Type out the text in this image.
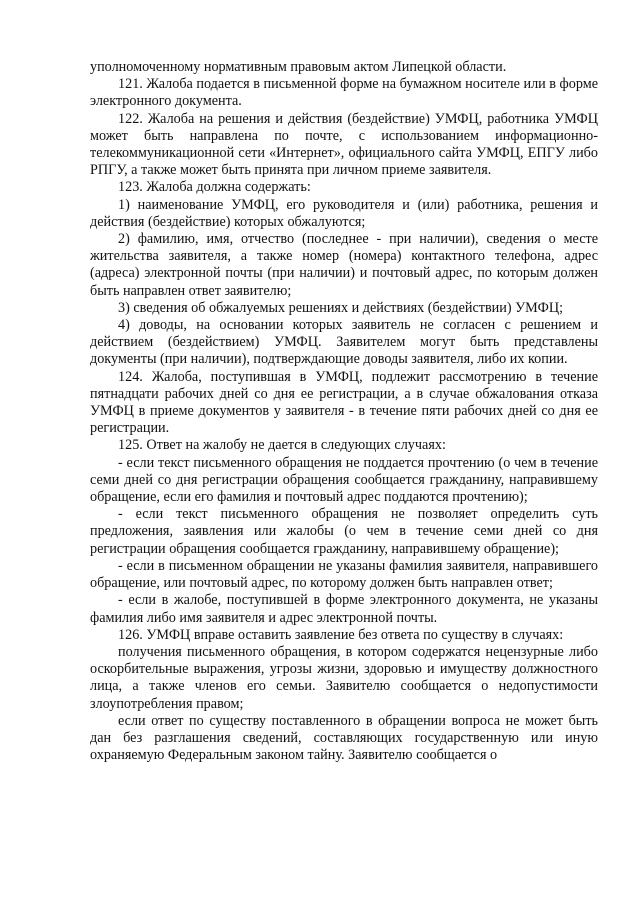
уполномоченному нормативным правовым актом Липецкой области.

121. Жалоба подается в письменной форме на бумажном носителе или в форме электронного документа.

122. Жалоба на решения и действия (бездействие) УМФЦ, работника УМФЦ может быть направлена по почте, с использованием информационно-телекоммуникационной сети «Интернет», официального сайта УМФЦ, ЕПГУ либо РПГУ, а также может быть принята при личном приеме заявителя.

123. Жалоба должна содержать:

1) наименование УМФЦ, его руководителя и (или) работника, решения и действия (бездействие) которых обжалуются;

2) фамилию, имя, отчество (последнее - при наличии), сведения о месте жительства заявителя, а также номер (номера) контактного телефона, адрес (адреса) электронной почты (при наличии) и почтовый адрес, по которым должен быть направлен ответ заявителю;

3) сведения об обжалуемых решениях и действиях (бездействии) УМФЦ;

4) доводы, на основании которых заявитель не согласен с решением и действием (бездействием) УМФЦ. Заявителем могут быть представлены документы (при наличии), подтверждающие доводы заявителя, либо их копии.

124. Жалоба, поступившая в УМФЦ, подлежит рассмотрению в течение пятнадцати рабочих дней со дня ее регистрации, а в случае обжалования отказа УМФЦ в приеме документов у заявителя - в течение пяти рабочих дней со дня ее регистрации.

125. Ответ на жалобу не дается в следующих случаях:

- если текст письменного обращения не поддается прочтению (о чем в течение семи дней со дня регистрации обращения сообщается гражданину, направившему обращение, если его фамилия и почтовый адрес поддаются прочтению);

- если текст письменного обращения не позволяет определить суть предложения, заявления или жалобы (о чем в течение семи дней со дня регистрации обращения сообщается гражданину, направившему обращение);

- если в письменном обращении не указаны фамилия заявителя, направившего обращение, или почтовый адрес, по которому должен быть направлен ответ;

- если в жалобе, поступившей в форме электронного документа, не указаны фамилия либо имя заявителя и адрес электронной почты.

126. УМФЦ вправе оставить заявление без ответа по существу в случаях:

получения письменного обращения, в котором содержатся нецензурные либо оскорбительные выражения, угрозы жизни, здоровью и имуществу должностного лица, а также членов его семьи. Заявителю сообщается о недопустимости злоупотребления правом;

если ответ по существу поставленного в обращении вопроса не может быть дан без разглашения сведений, составляющих государственную или иную охраняемую Федеральным законом тайну. Заявителю сообщается о
